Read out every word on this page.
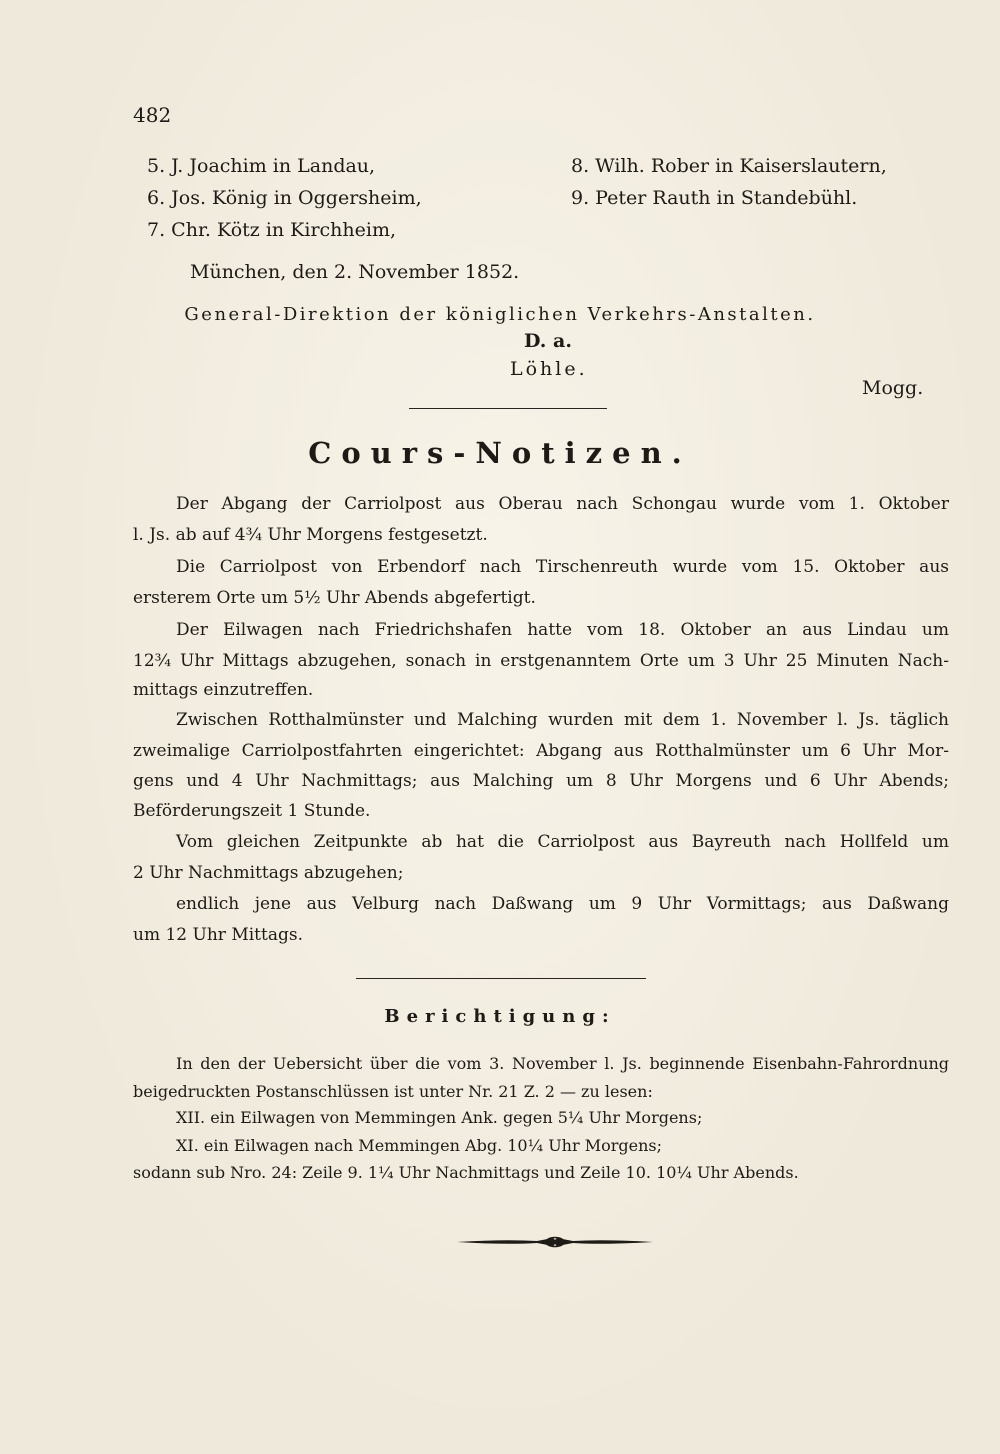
482
5. J. Joachim in Landau,
6. Jos. König in Oggersheim,
7. Chr. Kötz in Kirchheim,
8. Wilh. Rober in Kaiserslautern,
9. Peter Rauth in Standebühl.
München, den 2. November 1852.
General-Direktion der königlichen Verkehrs-Anstalten.
D. a.
Löhle.
Mogg.
Cours-Notizen.
Der Abgang der Carriolpost aus Oberau nach Schongau wurde vom 1. Oktober
l. Js. ab auf 4¾ Uhr Morgens festgesetzt.
Die Carriolpost von Erbendorf nach Tirschenreuth wurde vom 15. Oktober aus
ersterem Orte um 5½ Uhr Abends abgefertigt.
Der Eilwagen nach Friedrichshafen hatte vom 18. Oktober an aus Lindau um
12¾ Uhr Mittags abzugehen, sonach in erstgenanntem Orte um 3 Uhr 25 Minuten Nach-
mittags einzutreffen.
Zwischen Rotthalmünster und Malching wurden mit dem 1. November l. Js. täglich
zweimalige Carriolpostfahrten eingerichtet: Abgang aus Rotthalmünster um 6 Uhr Mor-
gens und 4 Uhr Nachmittags; aus Malching um 8 Uhr Morgens und 6 Uhr Abends;
Beförderungszeit 1 Stunde.
Vom gleichen Zeitpunkte ab hat die Carriolpost aus Bayreuth nach Hollfeld um
2 Uhr Nachmittags abzugehen;
endlich jene aus Velburg nach Daßwang um 9 Uhr Vormittags; aus Daßwang
um 12 Uhr Mittags.
Berichtigung:
In den der Uebersicht über die vom 3. November l. Js. beginnende Eisenbahn-Fahrordnung
beigedruckten Postanschlüssen ist unter Nr. 21 Z. 2 — zu lesen:
XII. ein Eilwagen von Memmingen Ank. gegen 5¼ Uhr Morgens;
XI. ein Eilwagen nach Memmingen Abg. 10¼ Uhr Morgens;
sodann sub Nro. 24: Zeile 9. 1¼ Uhr Nachmittags und Zeile 10. 10¼ Uhr Abends.
